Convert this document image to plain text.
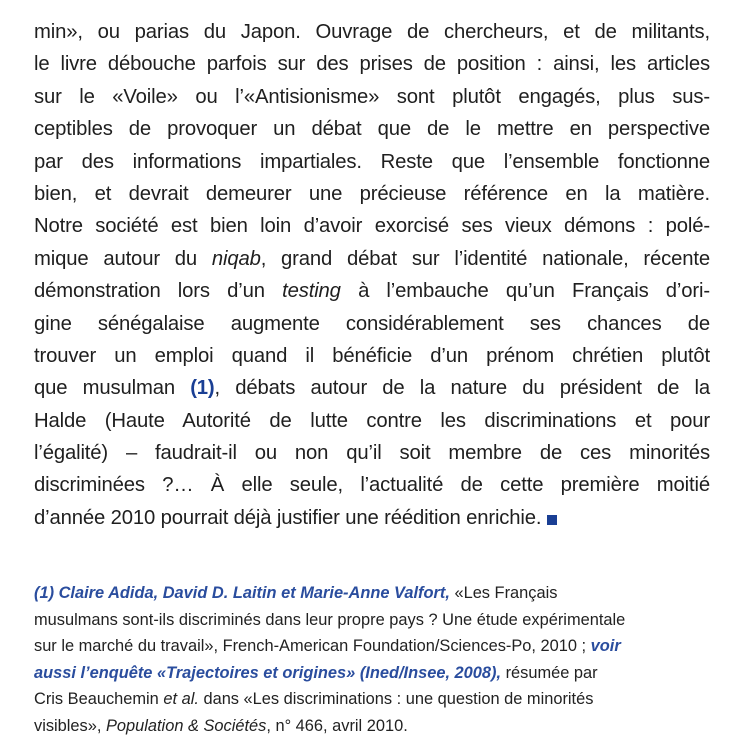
min», ou parias du Japon. Ouvrage de chercheurs, et de militants,
le livre débouche parfois sur des prises de position : ainsi, les articles
sur le «Voile» ou l’«Antisionisme» sont plutôt engagés, plus sus-
ceptibles de provoquer un débat que de le mettre en perspective
par des informations impartiales. Reste que l’ensemble fonctionne
bien, et devrait demeurer une précieuse référence en la matière.
Notre société est bien loin d’avoir exorcisé ses vieux démons : polé-
mique autour du niqab, grand débat sur l’identité nationale, récente
démonstration lors d’un testing à l’embauche qu’un Français d’ori-
gine sénégalaise augmente considérablement ses chances de
trouver un emploi quand il bénéficie d’un prénom chrétien plutôt
que musulman (1), débats autour de la nature du président de la
Halde (Haute Autorité de lutte contre les discriminations et pour
l’égalité) – faudrait-il ou non qu’il soit membre de ces minorités
discriminées ?… À elle seule, l’actualité de cette première moitié
d’année 2010 pourrait déjà justifier une réédition enrichie.
(1) Claire Adida, David D. Laitin et Marie-Anne Valfort, «Les Français
musulmans sont-ils discriminés dans leur propre pays ? Une étude expérimentale
sur le marché du travail», French-American Foundation/Sciences-Po, 2010 ; voir
aussi l’enquête «Trajectoires et origines» (Ined/Insee, 2008), résumée par
Cris Beauchemin et al. dans «Les discriminations : une question de minorités
visibles», Population & Sociétés, n° 466, avril 2010.
